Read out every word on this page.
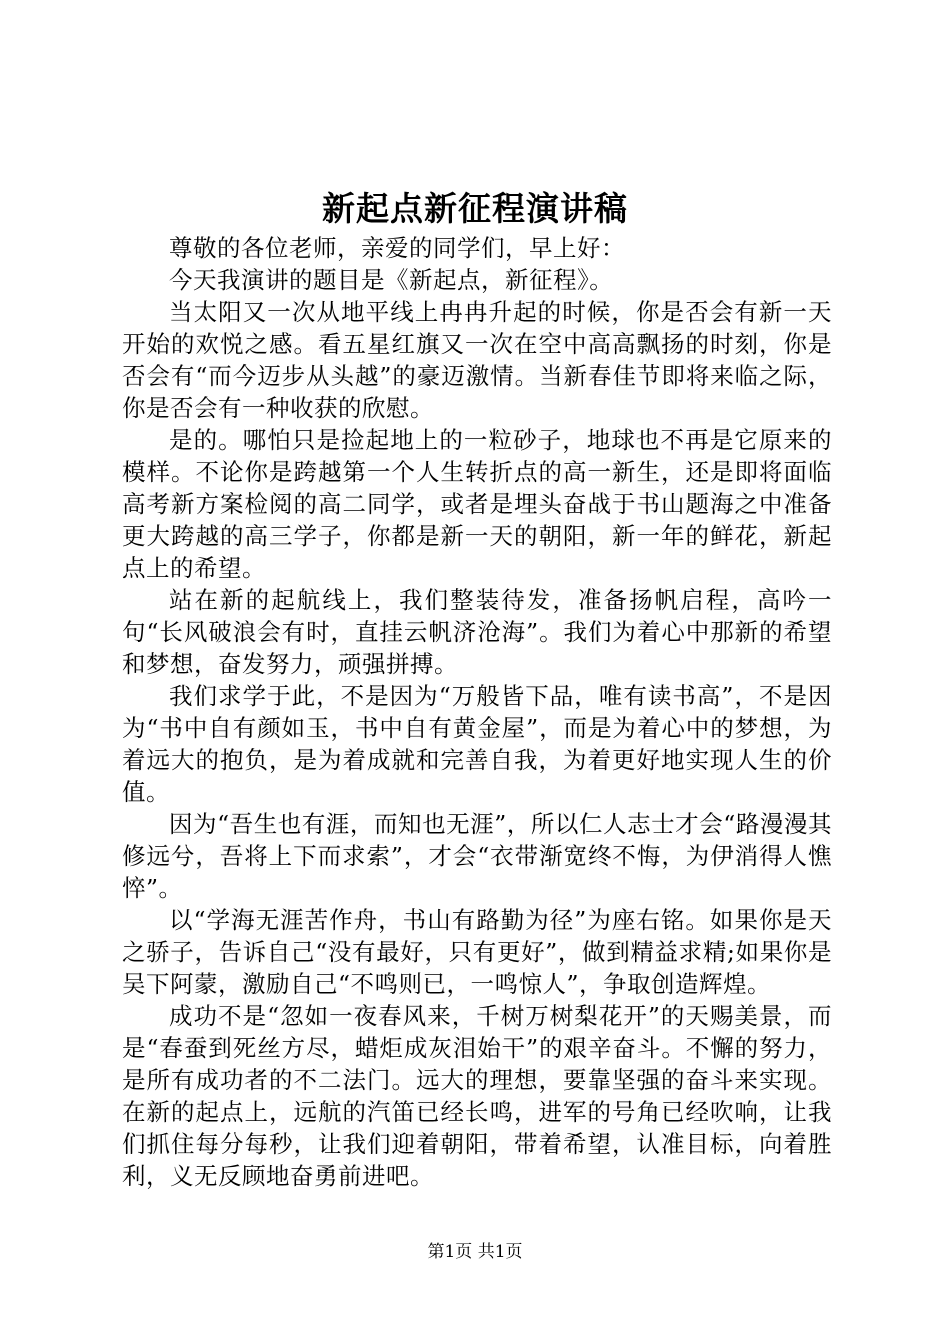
新起点新征程演讲稿

尊敬的各位老师，亲爱的同学们，早上好：

今天我演讲的题目是《新起点，新征程》。

当太阳又一次从地平线上冉冉升起的时候，你是否会有新一天开始的欢悦之感。看五星红旗又一次在空中高高飘扬的时刻，你是否会有“而今迈步从头越”的豪迈激情。当新春佳节即将来临之际，你是否会有一种收获的欣慰。

是的。哪怕只是捡起地上的一粒砂子，地球也不再是它原来的模样。不论你是跨越第一个人生转折点的高一新生，还是即将面临高考新方案检阅的高二同学，或者是埋头奋战于书山题海之中准备更大跨越的高三学子，你都是新一天的朝阳，新一年的鲜花，新起点上的希望。

站在新的起航线上，我们整装待发，准备扬帆启程，高吟一句“长风破浪会有时，直挂云帆济沧海”。我们为着心中那新的希望和梦想，奋发努力，顽强拼搏。

我们求学于此，不是因为“万般皆下品，唯有读书高”，不是因为“书中自有颜如玉，书中自有黄金屋”，而是为着心中的梦想，为着远大的抱负，是为着成就和完善自我，为着更好地实现人生的价值。

因为“吾生也有涯，而知也无涯”，所以仁人志士才会“路漫漫其修远兮，吾将上下而求索”，才会“衣带渐宽终不悔，为伊消得人憔悴”。

以“学海无涯苦作舟，书山有路勤为径”为座右铭。如果你是天之骄子，告诉自己“没有最好，只有更好”，做到精益求精;如果你是吴下阿蒙，激励自己“不鸣则已，一鸣惊人”，争取创造辉煌。

成功不是“忽如一夜春风来，千树万树梨花开”的天赐美景，而是“春蚕到死丝方尽，蜡炬成灰泪始干”的艰辛奋斗。不懈的努力，是所有成功者的不二法门。远大的理想，要靠坚强的奋斗来实现。在新的起点上，远航的汽笛已经长鸣，进军的号角已经吹响，让我们抓住每分每秒，让我们迎着朝阳，带着希望，认准目标，向着胜利，义无反顾地奋勇前进吧。

第1页 共1页
